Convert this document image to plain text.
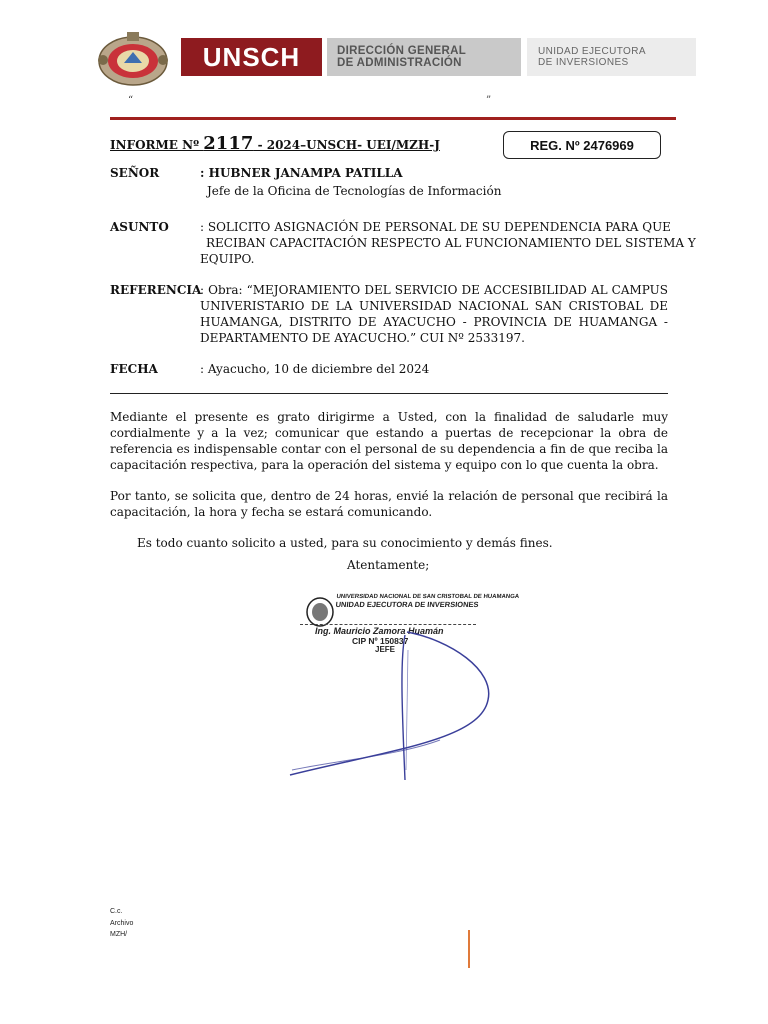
UNSCH	DIRECCIÓN GENERAL
DE ADMINISTRACIÓN
UNIDAD EJECUTORA
DE INVERSIONES
“	”
INFORME Nº 2117 - 2024–UNSCH- UEI/MZH-J	REG. Nº 2476969
SEÑOR	: HUBNER JANAMPA PATILLA
Jefe de la Oficina de Tecnologías de Información
ASUNTO	: SOLICITO ASIGNACIÓN DE PERSONAL DE SU DEPENDENCIA PARA QUE
RECIBAN CAPACITACIÓN RESPECTO AL FUNCIONAMIENTO DEL SISTEMA Y
EQUIPO.
REFERENCIA
: Obra: “MEJORAMIENTO DEL SERVICIO DE ACCESIBILIDAD AL CAMPUS
UNIVERISTARIO DE LA UNIVERSIDAD NACIONAL SAN CRISTOBAL DE
HUAMANGA, DISTRITO DE AYACUCHO - PROVINCIA DE HUAMANGA -
DEPARTAMENTO DE AYACUCHO.” CUI Nº 2533197.
FECHA	: Ayacucho, 10 de diciembre del 2024
Mediante el presente es grato dirigirme a Usted, con la finalidad de saludarle muy cordialmente y a la vez; comunicar que estando a puertas de recepcionar la obra de referencia es indispensable contar con el personal de su dependencia a fin de que reciba la capacitación respectiva, para la operación del sistema y equipo con lo que cuenta la obra.
Por tanto, se solicita que, dentro de 24 horas, envié la relación de personal que recibirá la capacitación, la hora y fecha se estará comunicando.
Es todo cuanto solicito a usted, para su conocimiento y demás fines.
Atentamente;
UNIVERSIDAD NACIONAL DE SAN CRISTOBAL DE HUAMANGA
UNIDAD EJECUTORA DE INVERSIONES
Ing. Mauricio Zamora Huamán
CIP Nº 150837
JEFE
C.c.
Archivo
MZH/
